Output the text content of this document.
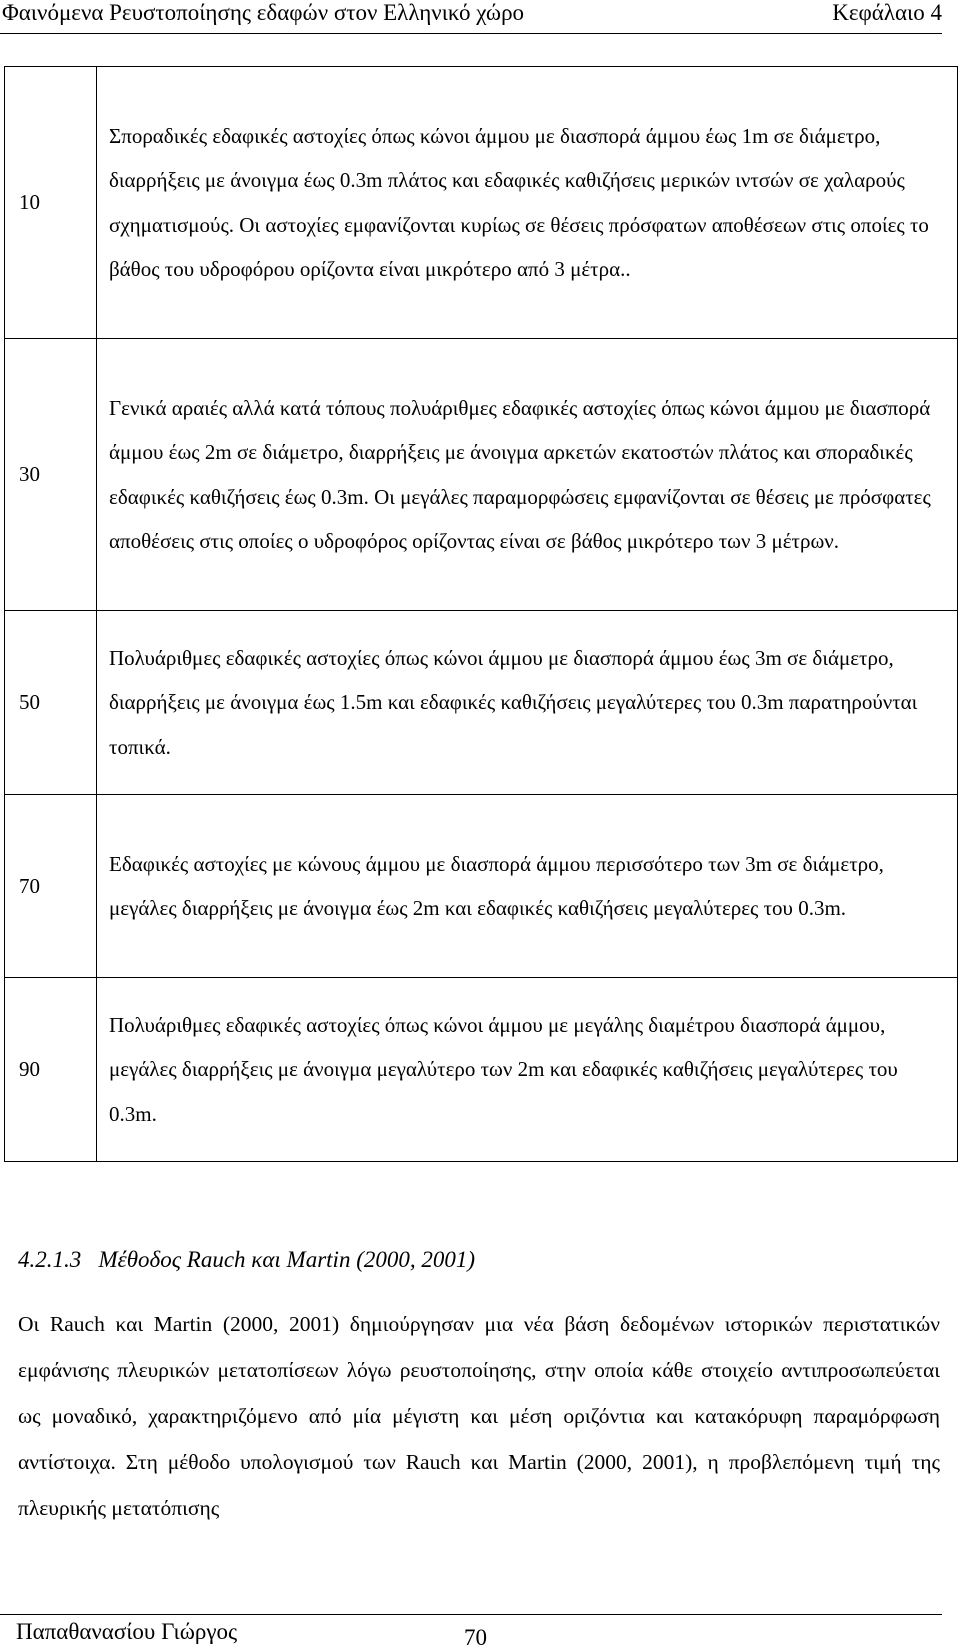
Φαινόμενα Ρευστοποίησης εδαφών στον Ελληνικό χώρο	Κεφάλαιο 4
10	Σποραδικές εδαφικές αστοχίες όπως κώνοι άμμου με διασπορά άμμου έως 1m σε διάμετρο, διαρρήξεις με άνοιγμα έως 0.3m πλάτος και εδαφικές καθιζήσεις μερικών ιντσών σε χαλαρούς σχηματισμούς. Οι αστοχίες εμφανίζονται κυρίως σε θέσεις πρόσφατων αποθέσεων στις οποίες το βάθος του υδροφόρου ορίζοντα είναι μικρότερο από 3 μέτρα..
30	Γενικά αραιές αλλά κατά τόπους πολυάριθμες εδαφικές αστοχίες όπως κώνοι άμμου με διασπορά άμμου έως 2m σε διάμετρο, διαρρήξεις με άνοιγμα αρκετών εκατοστών πλάτος και σποραδικές εδαφικές καθιζήσεις έως 0.3m. Οι μεγάλες παραμορφώσεις εμφανίζονται σε θέσεις με πρόσφατες αποθέσεις στις οποίες ο υδροφόρος ορίζοντας είναι σε βάθος μικρότερο των 3 μέτρων.
50	Πολυάριθμες εδαφικές αστοχίες όπως κώνοι άμμου με διασπορά άμμου έως 3m σε διάμετρο, διαρρήξεις με άνοιγμα έως 1.5m και εδαφικές καθιζήσεις μεγαλύτερες του 0.3m παρατηρούνται τοπικά.
70	Εδαφικές αστοχίες με κώνους άμμου με διασπορά άμμου περισσότερο των 3m σε διάμετρο, μεγάλες διαρρήξεις με άνοιγμα έως 2m και εδαφικές καθιζήσεις μεγαλύτερες του 0.3m.
90	Πολυάριθμες εδαφικές αστοχίες όπως κώνοι άμμου με μεγάλης διαμέτρου διασπορά άμμου, μεγάλες διαρρήξεις με άνοιγμα μεγαλύτερο των 2m και εδαφικές καθιζήσεις μεγαλύτερες του 0.3m.
4.2.1.3 Μέθοδος Rauch και Martin (2000, 2001)
Οι Rauch και Martin (2000, 2001) δημιούργησαν μια νέα βάση δεδομένων ιστορικών περιστατικών εμφάνισης πλευρικών μετατοπίσεων λόγω ρευστοποίησης, στην οποία κάθε στοιχείο αντιπροσωπεύεται ως μοναδικό, χαρακτηριζόμενο από μία μέγιστη και μέση οριζόντια και κατακόρυφη παραμόρφωση αντίστοιχα. Στη μέθοδο υπολογισμού των Rauch και Martin (2000, 2001), η προβλεπόμενη τιμή της πλευρικής μετατόπισης
Παπαθανασίου Γιώργος	70
